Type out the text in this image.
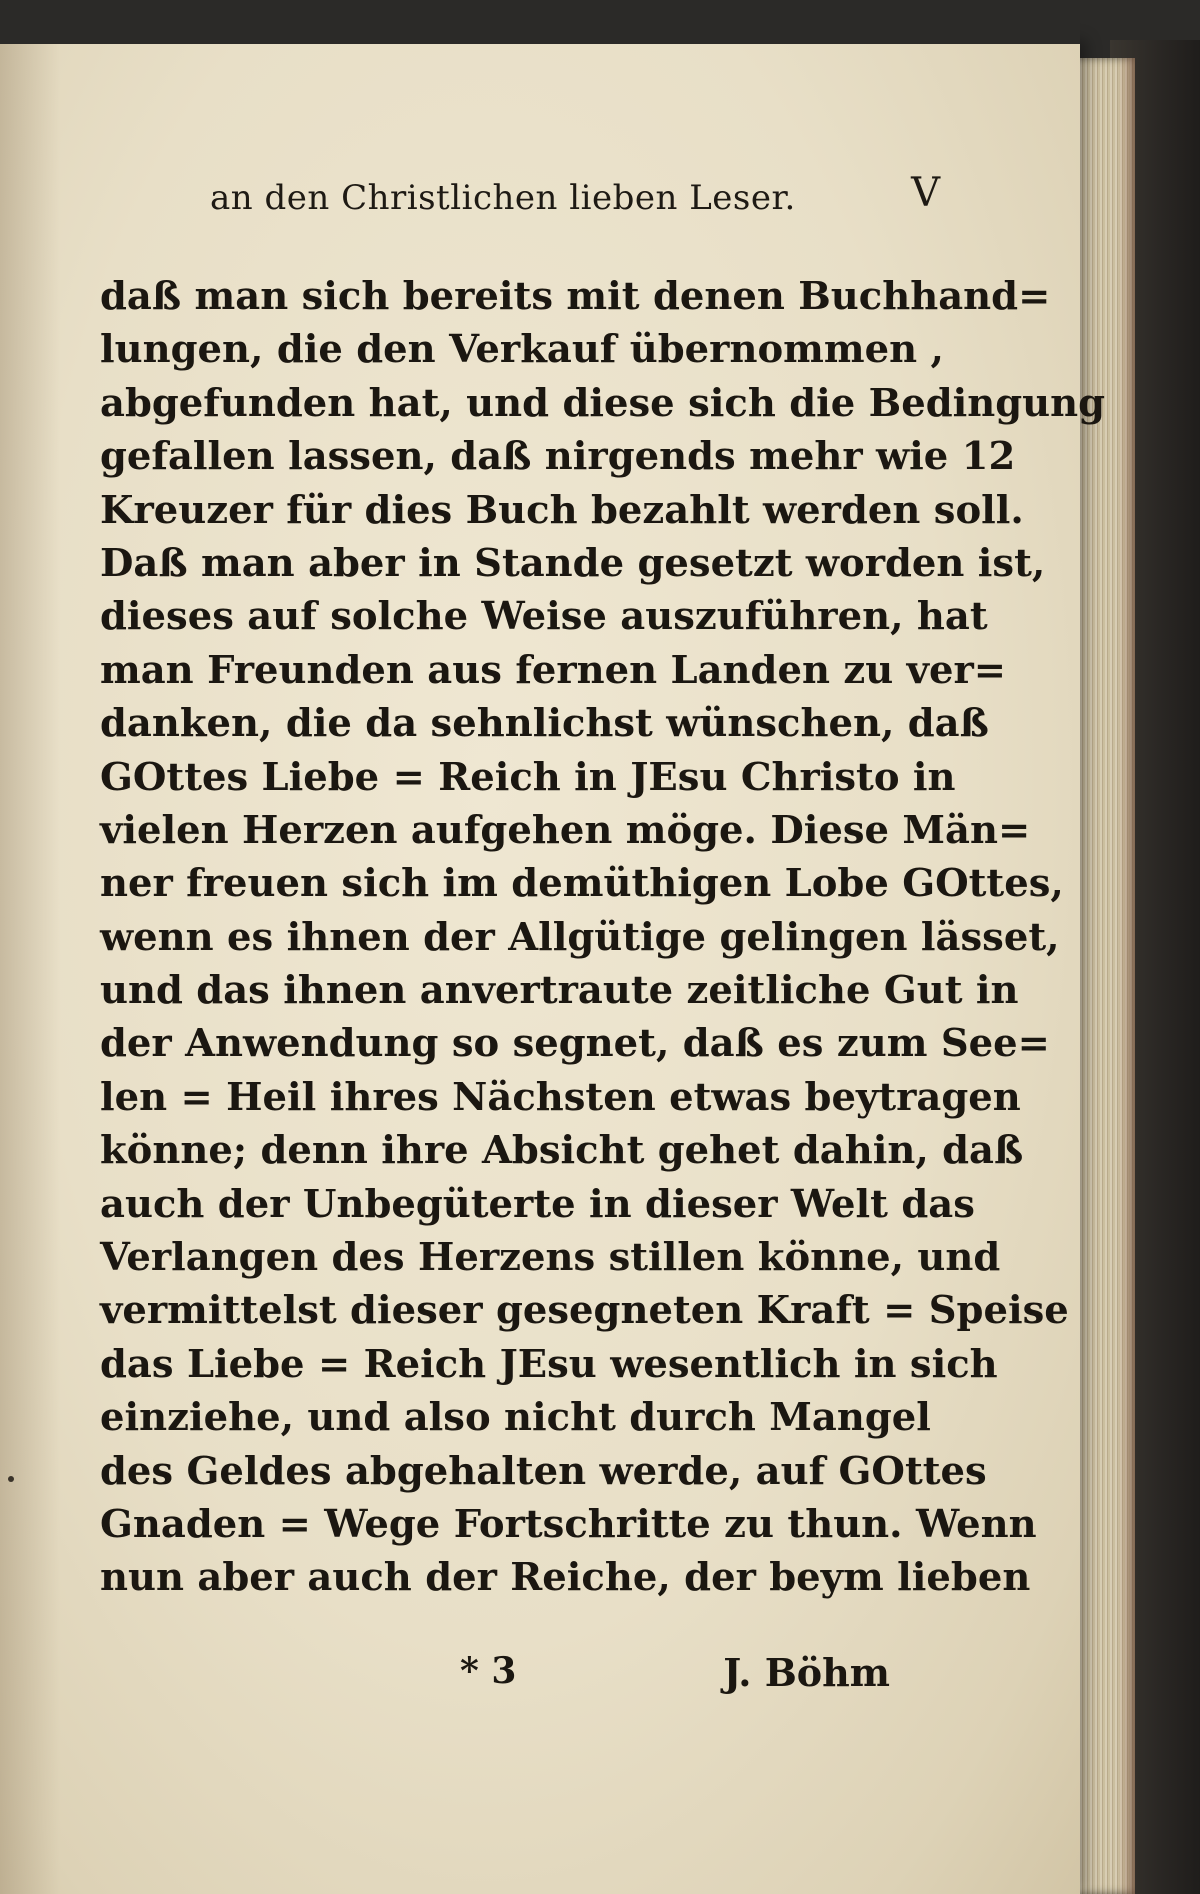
an den Christlichen lieben Leser.	V
daß man sich bereits mit denen Buchhand=
lungen, die den Verkauf übernommen ,
abgefunden hat, und diese sich die Bedingung
gefallen lassen, daß nirgends mehr wie 12
Kreuzer für dies Buch bezahlt werden soll.
Daß man aber in Stande gesetzt worden ist,
dieses auf solche Weise auszuführen, hat
man Freunden aus fernen Landen zu ver=
danken, die da sehnlichst wünschen, daß
GOttes Liebe = Reich in JEsu Christo in
vielen Herzen aufgehen möge. Diese Män=
ner freuen sich im demüthigen Lobe GOttes,
wenn es ihnen der Allgütige gelingen lässet,
und das ihnen anvertraute zeitliche Gut in
der Anwendung so segnet, daß es zum See=
len = Heil ihres Nächsten etwas beytragen
könne; denn ihre Absicht gehet dahin, daß
auch der Unbegüterte in dieser Welt das
Verlangen des Herzens stillen könne, und
vermittelst dieser gesegneten Kraft = Speise
das Liebe = Reich JEsu wesentlich in sich
einziehe, und also nicht durch Mangel
des Geldes abgehalten werde, auf GOttes
Gnaden = Wege Fortschritte zu thun. Wenn
nun aber auch der Reiche, der beym lieben
* 3	J. Böhm
